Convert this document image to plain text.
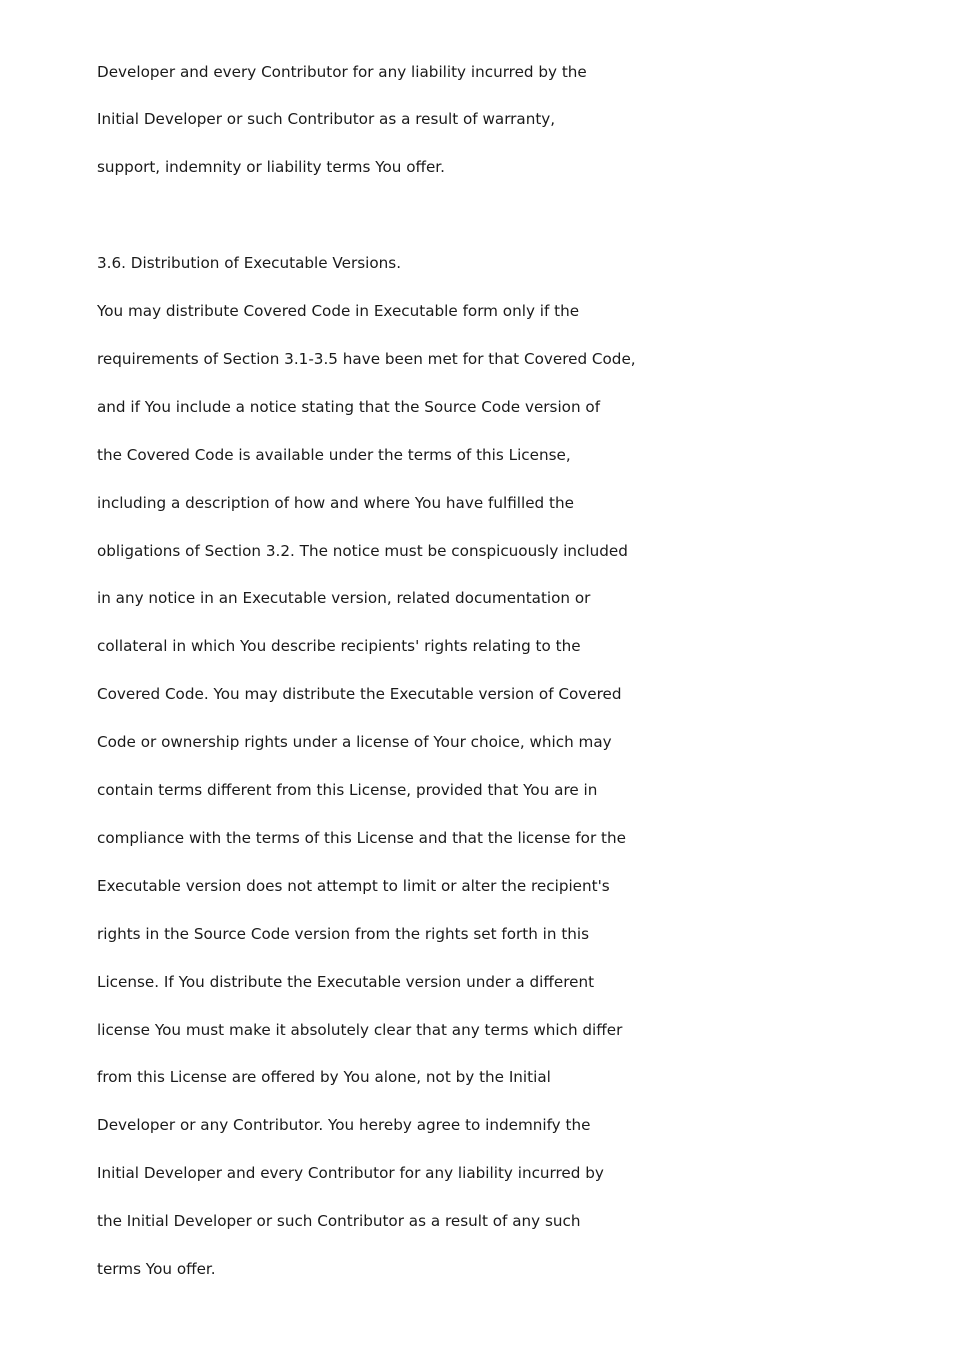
Developer and every Contributor for any liability incurred by the
Initial Developer or such Contributor as a result of warranty,
support, indemnity or liability terms You offer.
3.6. Distribution of Executable Versions.
You may distribute Covered Code in Executable form only if the
requirements of Section 3.1-3.5 have been met for that Covered Code,
and if You include a notice stating that the Source Code version of
the Covered Code is available under the terms of this License,
including a description of how and where You have fulfilled the
obligations of Section 3.2. The notice must be conspicuously included
in any notice in an Executable version, related documentation or
collateral in which You describe recipients' rights relating to the
Covered Code. You may distribute the Executable version of Covered
Code or ownership rights under a license of Your choice, which may
contain terms different from this License, provided that You are in
compliance with the terms of this License and that the license for the
Executable version does not attempt to limit or alter the recipient's
rights in the Source Code version from the rights set forth in this
License. If You distribute the Executable version under a different
license You must make it absolutely clear that any terms which differ
from this License are offered by You alone, not by the Initial
Developer or any Contributor. You hereby agree to indemnify the
Initial Developer and every Contributor for any liability incurred by
the Initial Developer or such Contributor as a result of any such
terms You offer.
